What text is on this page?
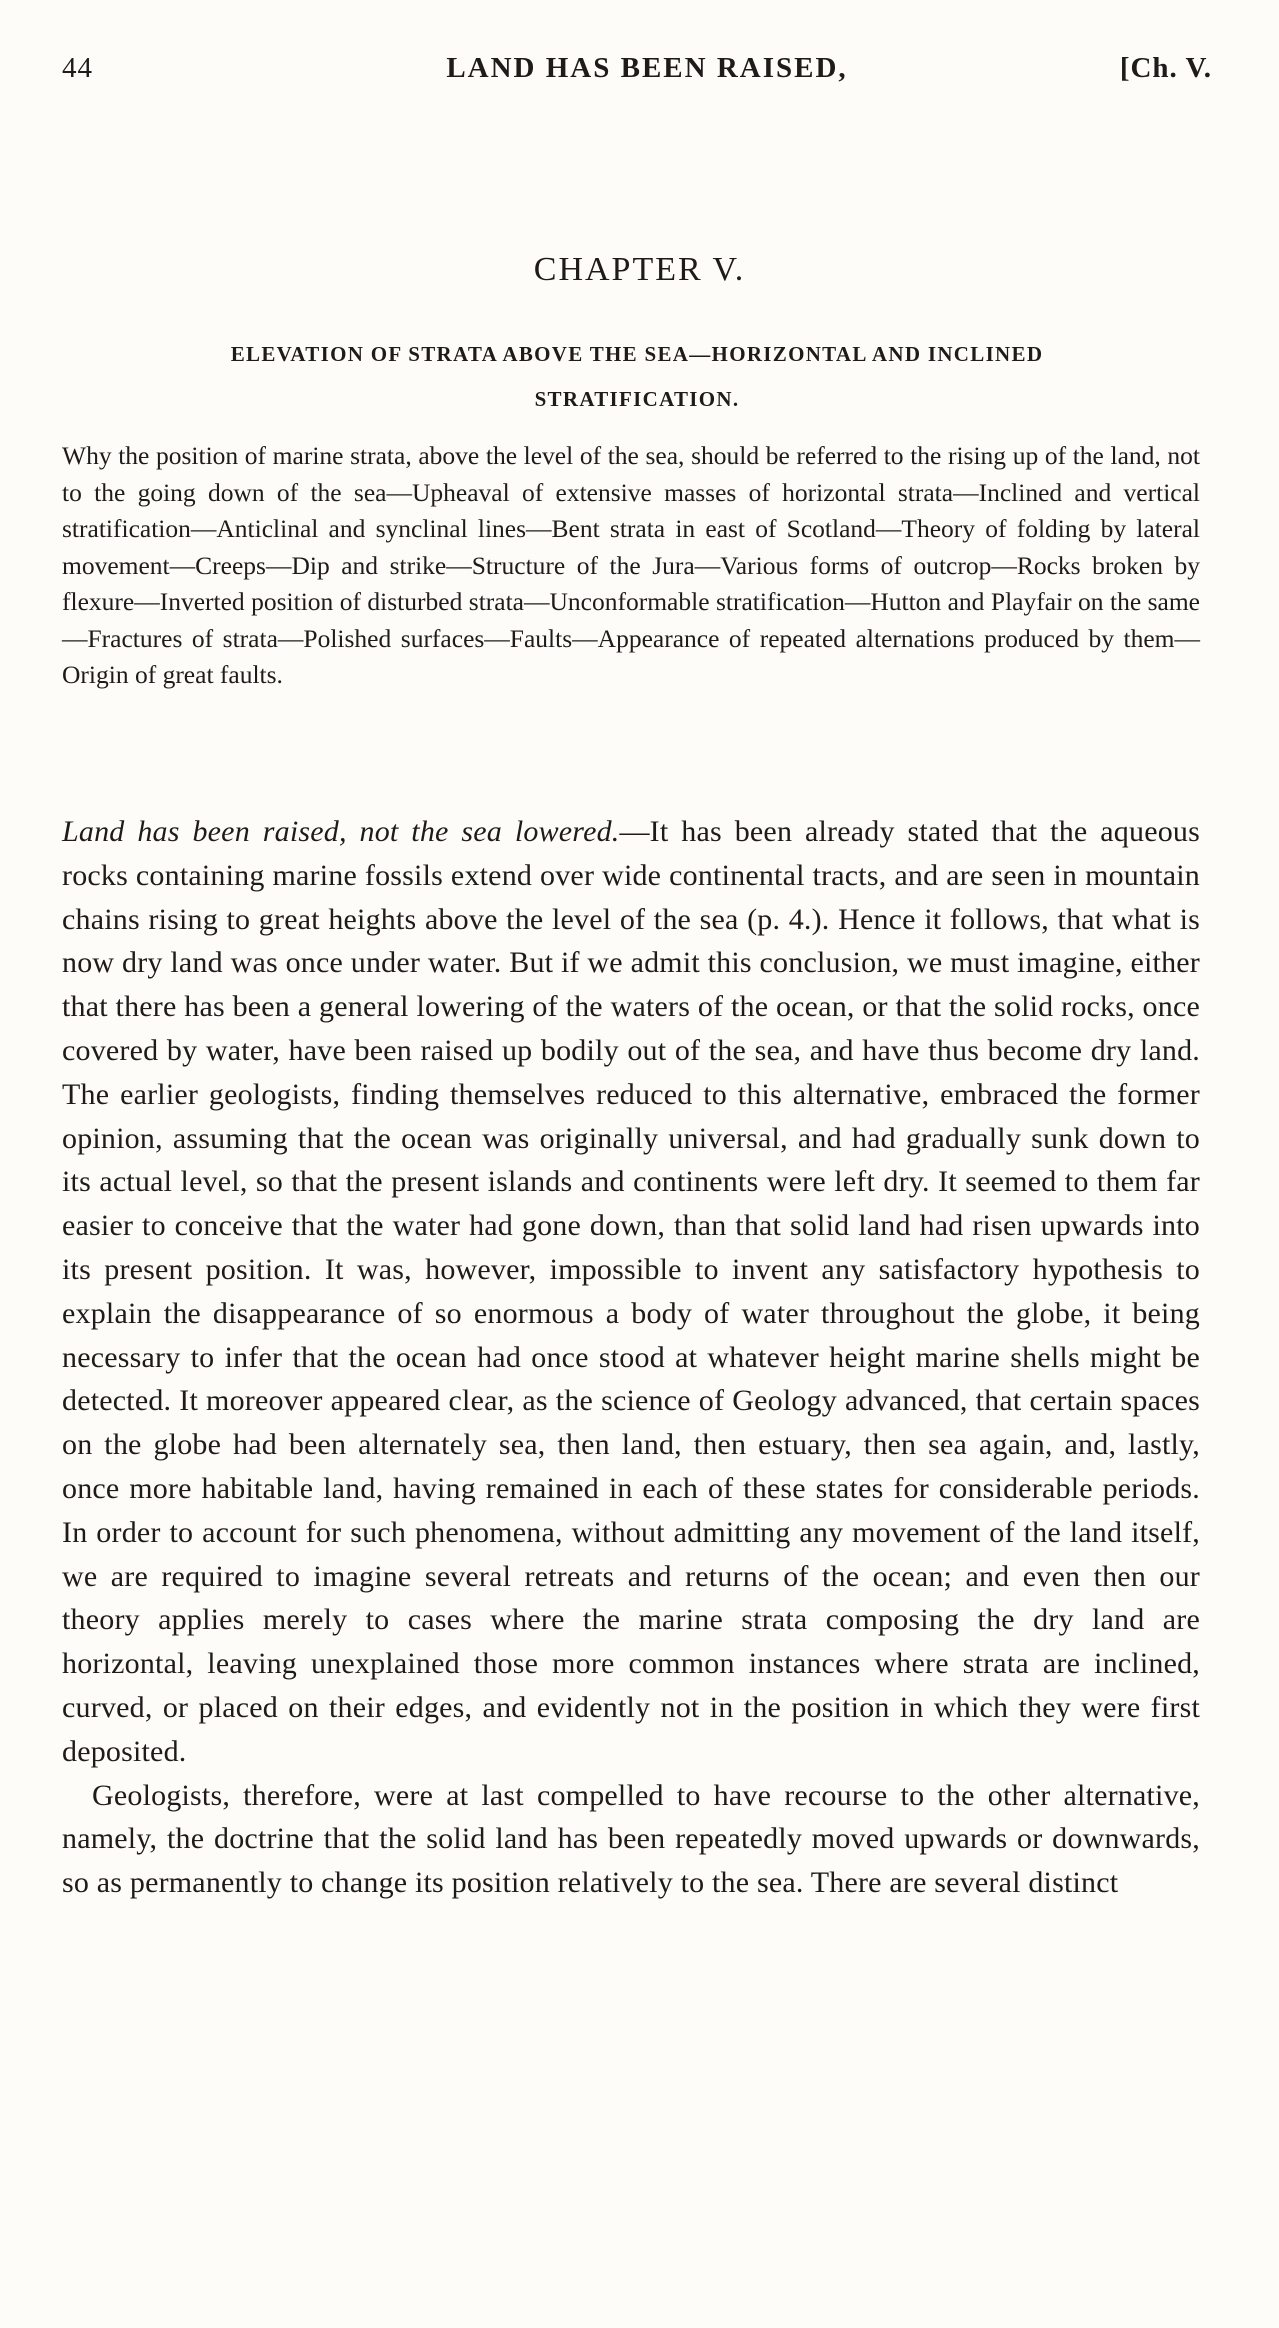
44	LAND HAS BEEN RAISED,	[Ch. V.
CHAPTER V.
ELEVATION OF STRATA ABOVE THE SEA—HORIZONTAL AND INCLINED
STRATIFICATION.

Why the position of marine strata, above the level of the sea, should be referred to the rising up of the land, not to the going down of the sea—Upheaval of extensive masses of horizontal strata—Inclined and vertical stratification—Anticlinal and synclinal lines—Bent strata in east of Scotland—Theory of folding by lateral movement—Creeps—Dip and strike—Structure of the Jura—Various forms of outcrop—Rocks broken by flexure—Inverted position of disturbed strata—Unconformable stratification—Hutton and Playfair on the same—Fractures of strata—Polished surfaces—Faults—Appearance of repeated alternations produced by them—Origin of great faults.

Land has been raised, not the sea lowered.—It has been already stated that the aqueous rocks containing marine fossils extend over wide continental tracts, and are seen in mountain chains rising to great heights above the level of the sea (p. 4.). Hence it follows, that what is now dry land was once under water. But if we admit this conclusion, we must imagine, either that there has been a general lowering of the waters of the ocean, or that the solid rocks, once covered by water, have been raised up bodily out of the sea, and have thus become dry land. The earlier geologists, finding themselves reduced to this alternative, embraced the former opinion, assuming that the ocean was originally universal, and had gradually sunk down to its actual level, so that the present islands and continents were left dry. It seemed to them far easier to conceive that the water had gone down, than that solid land had risen upwards into its present position. It was, however, impossible to invent any satisfactory hypothesis to explain the disappearance of so enormous a body of water throughout the globe, it being necessary to infer that the ocean had once stood at whatever height marine shells might be detected. It moreover appeared clear, as the science of Geology advanced, that certain spaces on the globe had been alternately sea, then land, then estuary, then sea again, and, lastly, once more habitable land, having remained in each of these states for considerable periods. In order to account for such phenomena, without admitting any movement of the land itself, we are required to imagine several retreats and returns of the ocean; and even then our theory applies merely to cases where the marine strata composing the dry land are horizontal, leaving unexplained those more common instances where strata are inclined, curved, or placed on their edges, and evidently not in the position in which they were first deposited.

Geologists, therefore, were at last compelled to have recourse to the other alternative, namely, the doctrine that the solid land has been repeatedly moved upwards or downwards, so as permanently to change its position relatively to the sea. There are several distinct
